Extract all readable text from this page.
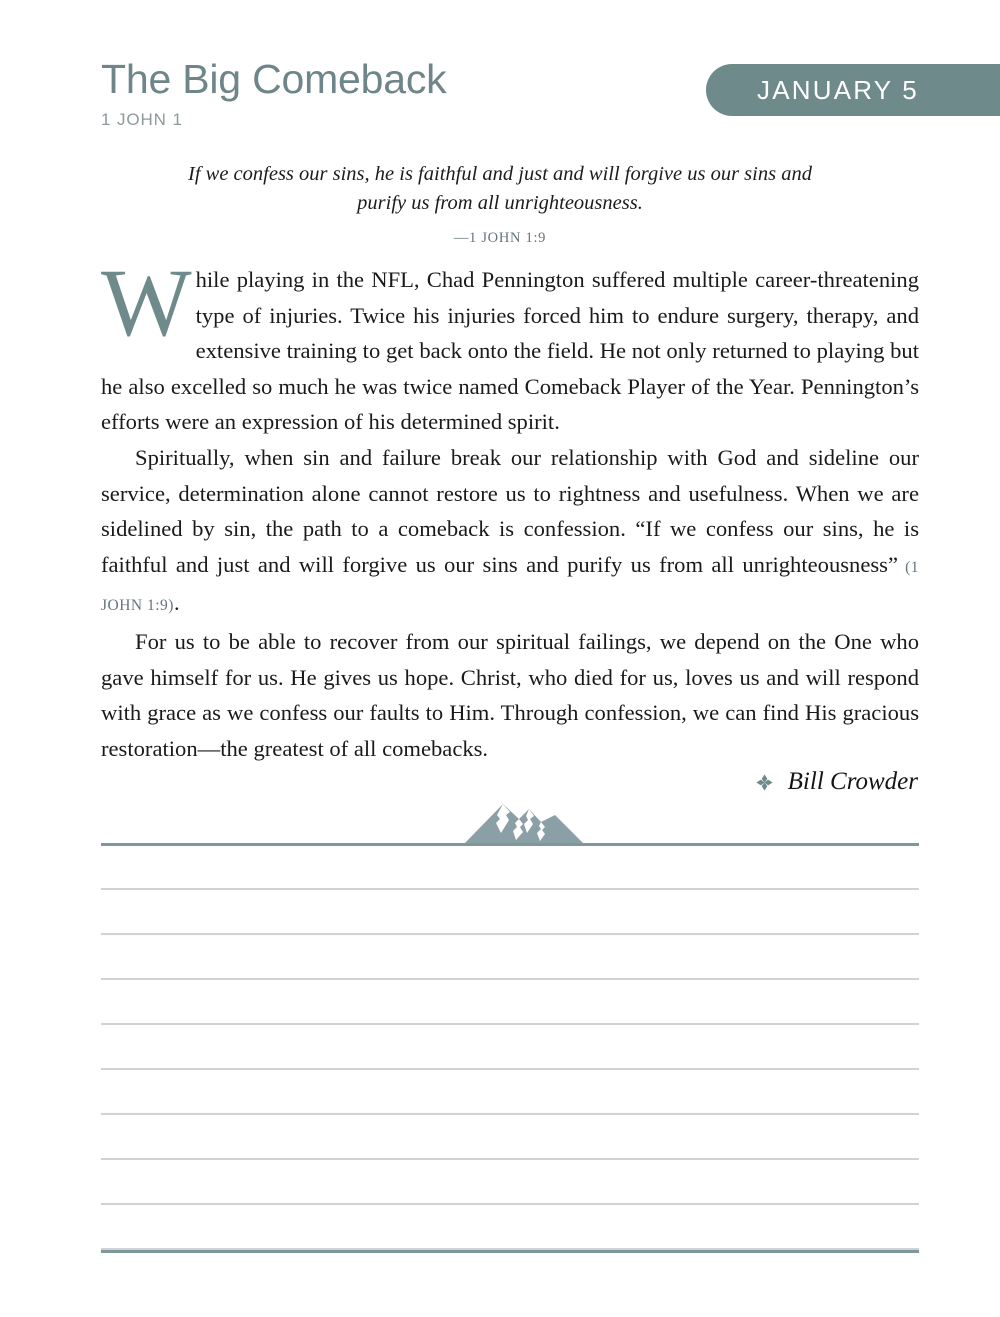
JANUARY 5
The Big Comeback
1 JOHN 1
If we confess our sins, he is faithful and just and will forgive us our sins and purify us from all unrighteousness.
—1 JOHN 1:9

While playing in the NFL, Chad Pennington suffered multiple career-threatening type of injuries. Twice his injuries forced him to endure surgery, therapy, and extensive training to get back onto the field. He not only returned to playing but he also excelled so much he was twice named Comeback Player of the Year. Pennington’s efforts were an expression of his determined spirit.

Spiritually, when sin and failure break our relationship with God and sideline our service, determination alone cannot restore us to rightness and usefulness. When we are sidelined by sin, the path to a comeback is confession. “If we confess our sins, he is faithful and just and will forgive us our sins and purify us from all unrighteousness” (1 JOHN 1:9).

For us to be able to recover from our spiritual failings, we depend on the One who gave himself for us. He gives us hope. Christ, who died for us, loves us and will respond with grace as we confess our faults to Him. Through confession, we can find His gracious restoration—the greatest of all comebacks.

Bill Crowder
